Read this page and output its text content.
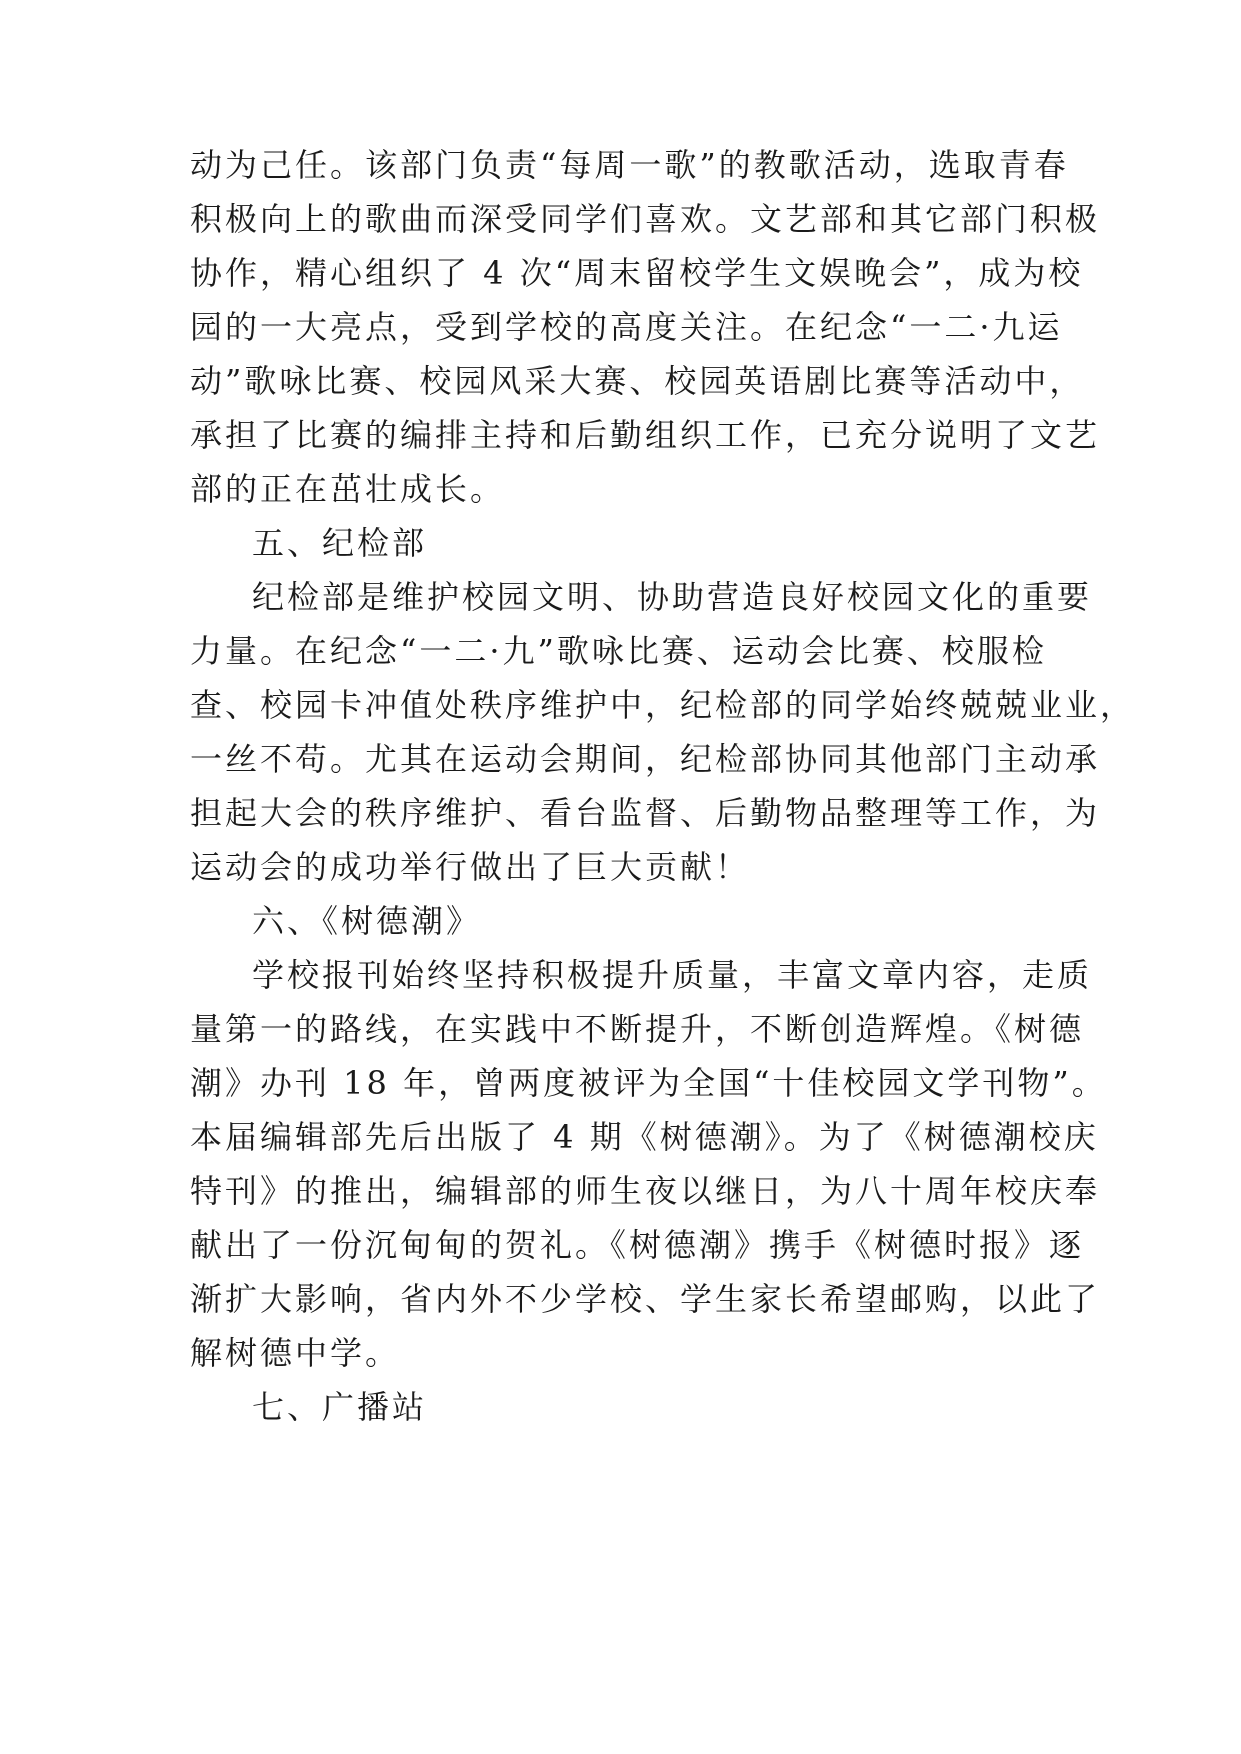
动为己任。该部门负责“每周一歌”的教歌活动，选取青春
积极向上的歌曲而深受同学们喜欢。文艺部和其它部门积极
协作，精心组织了 4 次“周末留校学生文娱晚会”，成为校
园的一大亮点，受到学校的高度关注。在纪念“一二·九运
动”歌咏比赛、校园风采大赛、校园英语剧比赛等活动中，
承担了比赛的编排主持和后勤组织工作，已充分说明了文艺
部的正在茁壮成长。
五、纪检部
纪检部是维护校园文明、协助营造良好校园文化的重要
力量。在纪念“一二·九”歌咏比赛、运动会比赛、校服检
查、校园卡冲值处秩序维护中，纪检部的同学始终兢兢业业，
一丝不苟。尤其在运动会期间，纪检部协同其他部门主动承
担起大会的秩序维护、看台监督、后勤物品整理等工作，为
运动会的成功举行做出了巨大贡献！
六、《树德潮》
学校报刊始终坚持积极提升质量，丰富文章内容，走质
量第一的路线，在实践中不断提升，不断创造辉煌。《树德
潮》办刊 18 年，曾两度被评为全国“十佳校园文学刊物”。
本届编辑部先后出版了 4 期《树德潮》。为了《树德潮校庆
特刊》的推出，编辑部的师生夜以继日，为八十周年校庆奉
献出了一份沉甸甸的贺礼。《树德潮》携手《树德时报》逐
渐扩大影响，省内外不少学校、学生家长希望邮购，以此了
解树德中学。
七、广播站
